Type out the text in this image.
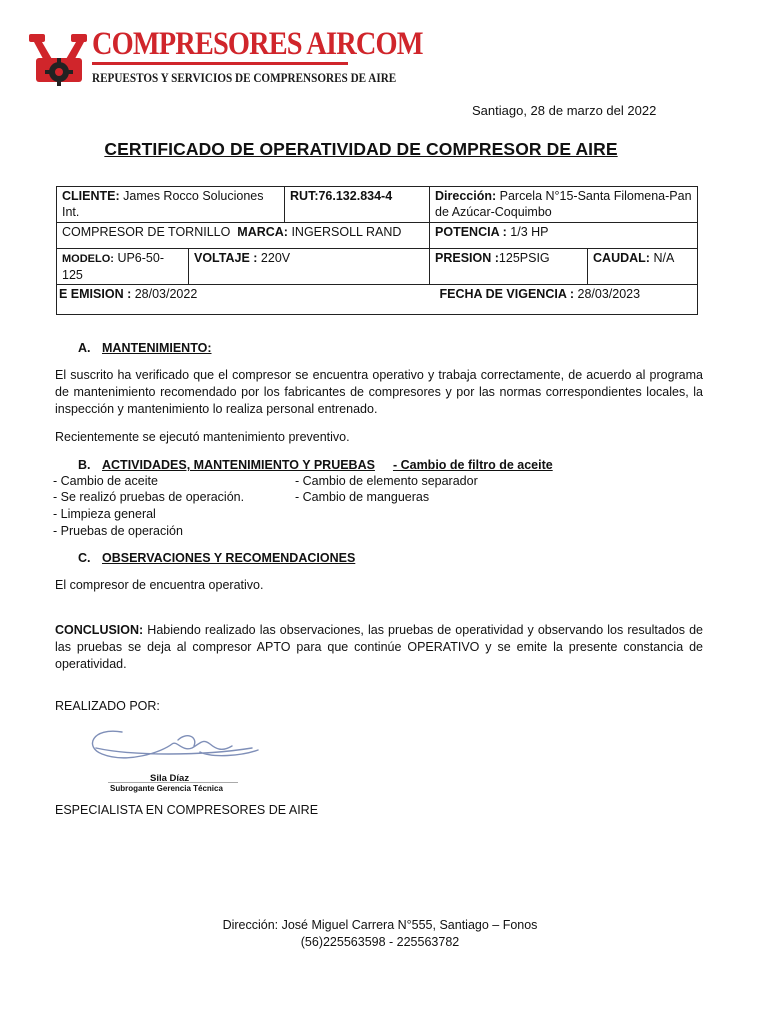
COMPRESORES AIRCOM
REPUESTOS Y SERVICIOS DE COMPRENSORES DE AIRE
Santiago, 28 de marzo del 2022
CERTIFICADO DE OPERATIVIDAD DE COMPRESOR DE AIRE
CLIENTE: James Rocco Soluciones Int.		RUT:76.132.834-4	Dirección: Parcela N°15-Santa Filomena-Pan de Azúcar-Coquimbo	
COMPRESOR DE TORNILLO MARCA: INGERSOLL RAND			POTENCIA : 1/3 HP	
MODELO: UP6-50-125	VOLTAJE : 220V		PRESION :125PSIG	CAUDAL: N/A
E EMISION : 28/03/2022			FECHA DE VIGENCIA : 28/03/2023	
A. MANTENIMIENTO:
El suscrito ha verificado que el compresor se encuentra operativo y trabaja correctamente, de acuerdo al programa de mantenimiento recomendado por los fabricantes de compresores y por las normas correspondientes locales, la inspección y mantenimiento lo realiza personal entrenado.
Recientemente se ejecutó mantenimiento preventivo.
B. ACTIVIDADES, MANTENIMIENTO Y PRUEBAS - Cambio de filtro de aceite
- Cambio de aceite
- Se realizó pruebas de operación.
- Limpieza general
- Pruebas de operación
- Cambio de elemento separador
- Cambio de mangueras
C. OBSERVACIONES Y RECOMENDACIONES
El compresor de encuentra operativo.
CONCLUSION: Habiendo realizado las observaciones, las pruebas de operatividad y observando los resultados de las pruebas se deja al compresor APTO para que continúe OPERATIVO y se emite la presente constancia de operatividad.
REALIZADO POR:
Sila Díaz
Subrogante Gerencia Técnica
ESPECIALISTA EN COMPRESORES DE AIRE
Dirección: José Miguel Carrera N°555, Santiago – Fonos
(56)225563598 - 225563782
